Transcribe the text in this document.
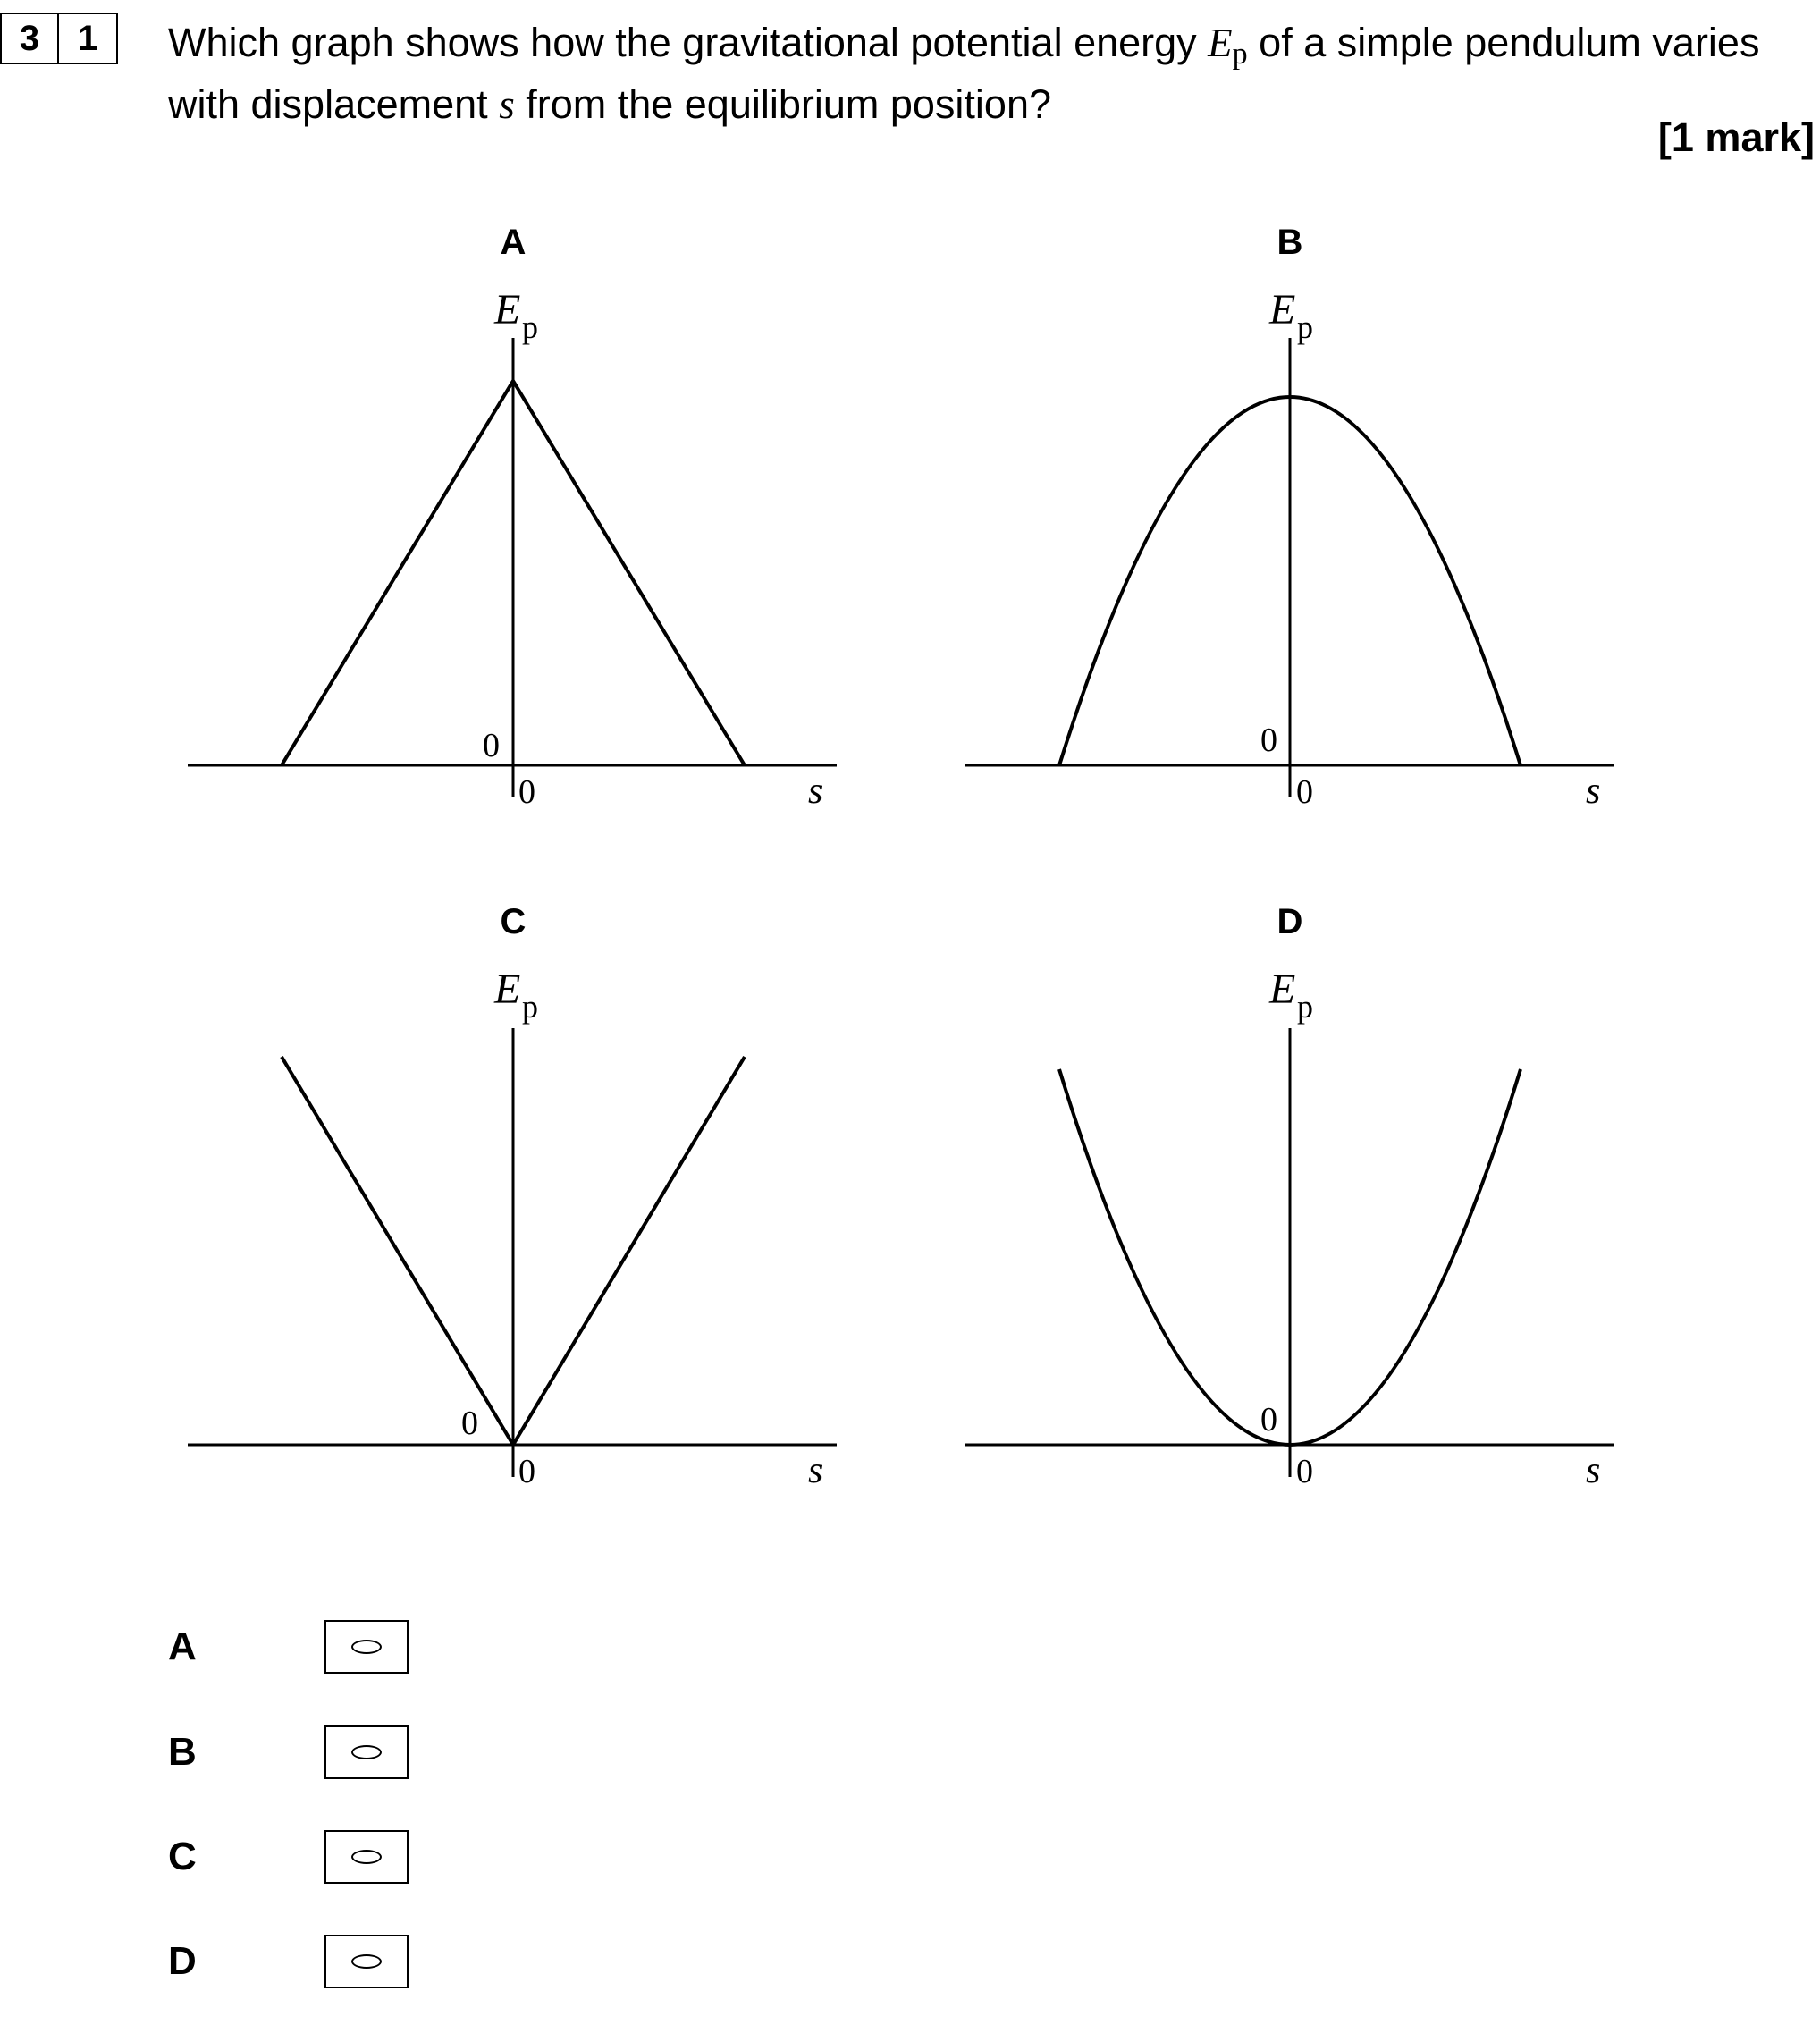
3	1	Which graph shows how the gravitational potential energy $E_p$ of a simple pendulum varies with displacement s from the equilibrium position?
[1 mark]
A
E p
0
0	s
B
E p
0
0	s
C
E p
0
0	s
D
E p
0
0	s
A
B
C
D
